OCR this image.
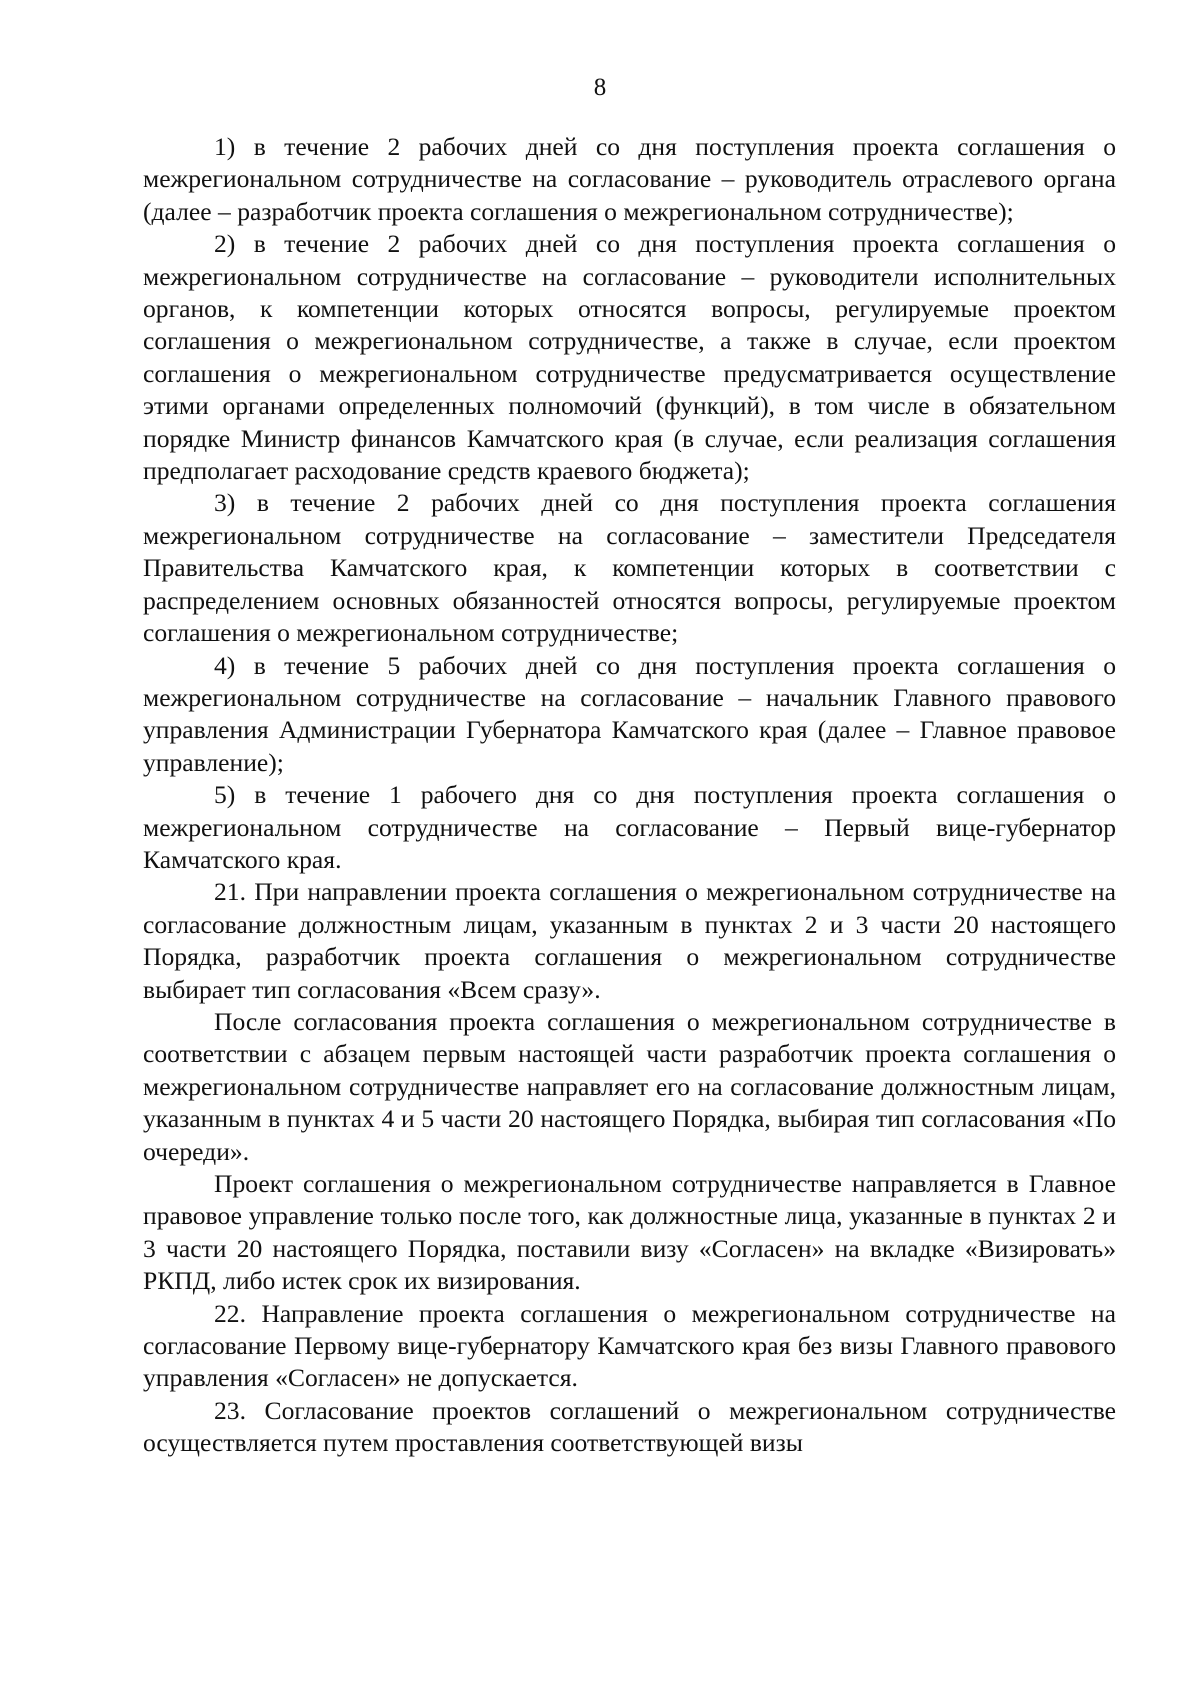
8

1) в течение 2 рабочих дней со дня поступления проекта соглашения о межрегиональном сотрудничестве на согласование – руководитель отраслевого органа (далее – разработчик проекта соглашения о межрегиональном сотрудничестве);

2) в течение 2 рабочих дней со дня поступления проекта соглашения о межрегиональном сотрудничестве на согласование – руководители исполнительных органов, к компетенции которых относятся вопросы, регулируемые проектом соглашения о межрегиональном сотрудничестве, а также в случае, если проектом соглашения о межрегиональном сотрудничестве предусматривается осуществление этими органами определенных полномочий (функций), в том числе в обязательном порядке Министр финансов Камчатского края (в случае, если реализация соглашения предполагает расходование средств краевого бюджета);

3) в течение 2 рабочих дней со дня поступления проекта соглашения межрегиональном сотрудничестве на согласование – заместители Председателя Правительства Камчатского края, к компетенции которых в соответствии с распределением основных обязанностей относятся вопросы, регулируемые проектом соглашения о межрегиональном сотрудничестве;

4) в течение 5 рабочих дней со дня поступления проекта соглашения о межрегиональном сотрудничестве на согласование – начальник Главного правового управления Администрации Губернатора Камчатского края (далее – Главное правовое управление);

5) в течение 1 рабочего дня со дня поступления проекта соглашения о межрегиональном сотрудничестве на согласование – Первый вице-губернатор Камчатского края.

21. При направлении проекта соглашения о межрегиональном сотрудничестве на согласование должностным лицам, указанным в пунктах 2 и 3 части 20 настоящего Порядка, разработчик проекта соглашения о межрегиональном сотрудничестве выбирает тип согласования «Всем сразу».

После согласования проекта соглашения о межрегиональном сотрудничестве в соответствии с абзацем первым настоящей части разработчик проекта соглашения о межрегиональном сотрудничестве направляет его на согласование должностным лицам, указанным в пунктах 4 и 5 части 20 настоящего Порядка, выбирая тип согласования «По очереди».

Проект соглашения о межрегиональном сотрудничестве направляется в Главное правовое управление только после того, как должностные лица, указанные в пунктах 2 и 3 части 20 настоящего Порядка, поставили визу «Согласен» на вкладке «Визировать» РКПД, либо истек срок их визирования.

22. Направление проекта соглашения о межрегиональном сотрудничестве на согласование Первому вице-губернатору Камчатского края без визы Главного правового управления «Согласен» не допускается.

23. Согласование проектов соглашений о межрегиональном сотрудничестве осуществляется путем проставления соответствующей визы
